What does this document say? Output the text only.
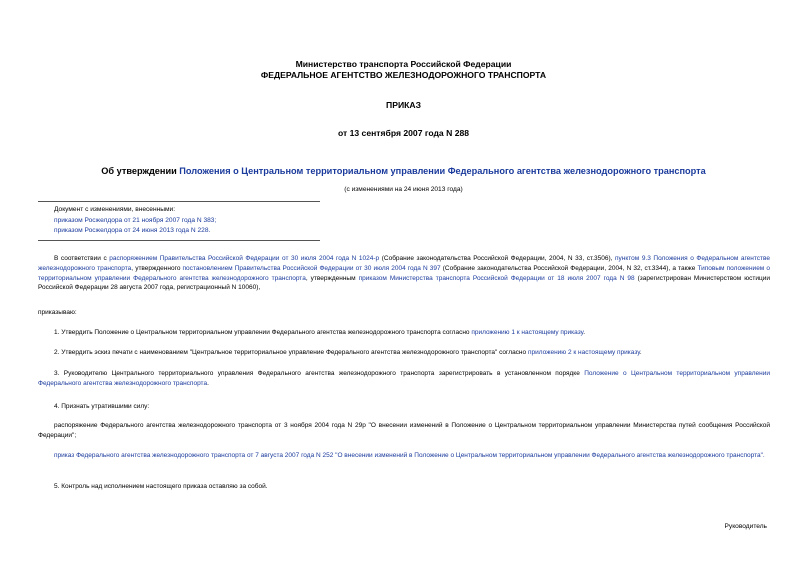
Министерство транспорта Российской Федерации
ФЕДЕРАЛЬНОЕ АГЕНТСТВО ЖЕЛЕЗНОДОРОЖНОГО ТРАНСПОРТА
ПРИКАЗ
от 13 сентября 2007 года N 288
Об утверждении Положения о Центральном территориальном управлении Федерального агентства железнодорожного транспорта
(с изменениями на 24 июня 2013 года)
Документ с изменениями, внесенными:
приказом Росжелдора от 21 ноября 2007 года N 383;
приказом Росжелдора от 24 июня 2013 года N 228.
В соответствии с распоряжением Правительства Российской Федерации от 30 июля 2004 года N 1024-р (Собрание законодательства Российской Федерации, 2004, N 33, ст.3506), пунктом 9.3 Положения о Федеральном агентстве железнодорожного транспорта, утвержденного постановлением Правительства Российской Федерации от 30 июля 2004 года N 397 (Собрание законодательства Российской Федерации, 2004, N 32, ст.3344), а также Типовым положением о территориальном управлении Федерального агентства железнодорожного транспорта, утвержденным приказом Министерства транспорта Российской Федерации от 18 июля 2007 года N 98 (зарегистрирован Министерством юстиции Российской Федерации 28 августа 2007 года, регистрационный N 10060),
приказываю:
1. Утвердить Положение о Центральном территориальном управлении Федерального агентства железнодорожного транспорта согласно приложению 1 к настоящему приказу.
2. Утвердить эскиз печати с наименованием "Центральное территориальное управление Федерального агентства железнодорожного транспорта" согласно приложению 2 к настоящему приказу.
3. Руководителю Центрального территориального управления Федерального агентства железнодорожного транспорта зарегистрировать в установленном порядке Положение о Центральном территориальном управлении Федерального агентства железнодорожного транспорта.
4. Признать утратившими силу:
распоряжение Федерального агентства железнодорожного транспорта от 3 ноября 2004 года N 29р "О внесении изменений в Положение о Центральном территориальном управлении Министерства путей сообщения Российской Федерации";
приказ Федерального агентства железнодорожного транспорта от 7 августа 2007 года N 252 "О внесении изменений в Положение о Центральном территориальном управлении Федерального агентства железнодорожного транспорта".
5. Контроль над исполнением настоящего приказа оставляю за собой.
Руководитель
